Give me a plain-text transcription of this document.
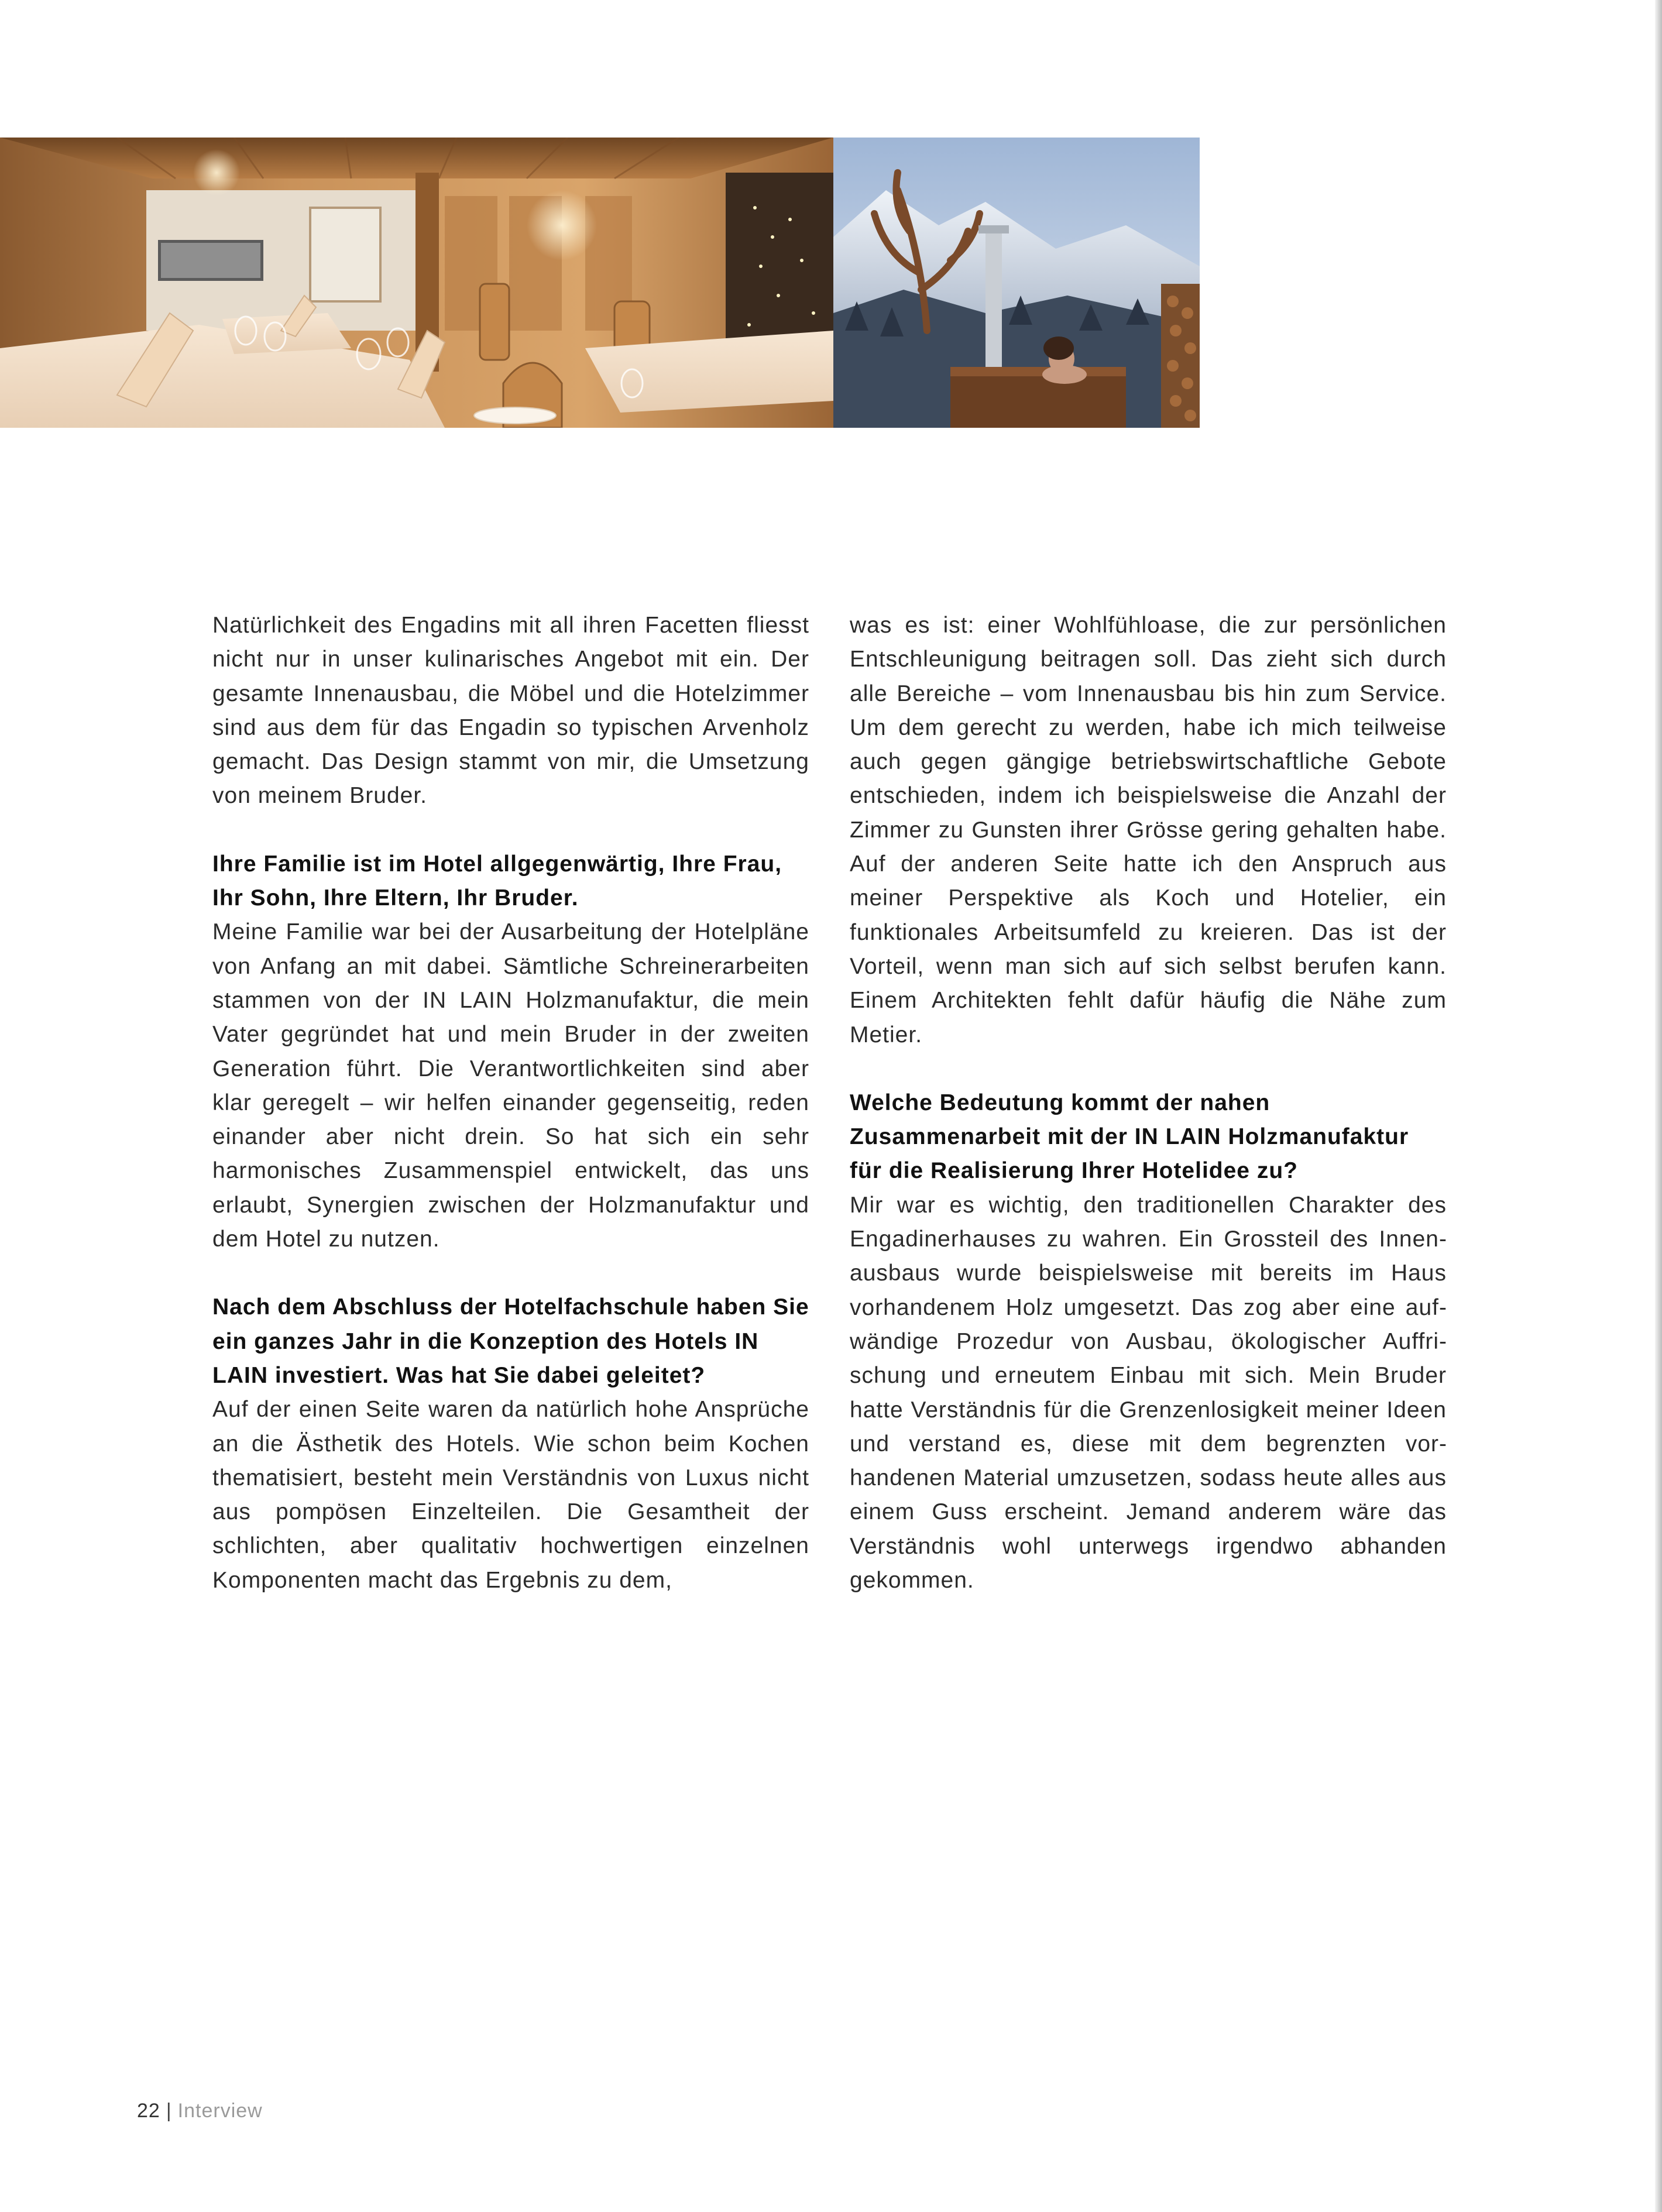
Natürlichkeit des Engadins mit all ihren Facetten fliesst nicht nur in unser kulinarisches Angebot mit ein. Der gesamte Innenausbau, die Möbel und die Hotelzimmer sind aus dem für das Engadin so typischen Arvenholz gemacht. Das Design stammt von mir, die Umsetzung von meinem Bruder.

Ihre Familie ist im Hotel allgegenwärtig, Ihre Frau, Ihr Sohn, Ihre Eltern, Ihr Bruder.

Meine Familie war bei der Ausarbeitung der Hotelpläne von Anfang an mit dabei. Sämtliche Schreinerarbeiten stammen von der IN LAIN Holzmanufaktur, die mein Vater gegründet hat und mein Bruder in der zweiten Generation führt. Die Verantwortlichkeiten sind aber klar geregelt – wir helfen einander gegenseitig, reden einander aber nicht drein. So hat sich ein sehr harmonisches Zusammenspiel entwickelt, das uns erlaubt, Synergien zwischen der Holzmanufaktur und dem Hotel zu nutzen.

Nach dem Abschluss der Hotelfachschule haben Sie ein ganzes Jahr in die Konzeption des Hotels IN LAIN investiert. Was hat Sie dabei geleitet?

Auf der einen Seite waren da natürlich hohe Ansprüche an die Ästhetik des Hotels. Wie schon beim Kochen thematisiert, besteht mein Verständnis von Luxus nicht aus pompösen Einzelteilen. Die Gesamtheit der schlichten, aber qualitativ hochwertigen einzelnen Komponenten macht das Ergebnis zu dem,

was es ist: einer Wohlfühloase, die zur persönlichen Entschleunigung beitragen soll. Das zieht sich durch alle Bereiche – vom Innenausbau bis hin zum Service. Um dem gerecht zu werden, habe ich mich teilweise auch gegen gängige betriebswirtschaftliche Gebote entschieden, indem ich beispielsweise die Anzahl der Zimmer zu Gunsten ihrer Grösse gering gehalten habe. Auf der anderen Seite hatte ich den Anspruch aus meiner Perspektive als Koch und Hotelier, ein funktionales Arbeitsumfeld zu kreieren. Das ist der Vorteil, wenn man sich auf sich selbst berufen kann. Einem Architekten fehlt dafür häufig die Nähe zum Metier.

Welche Bedeutung kommt der nahen Zusammenarbeit mit der IN LAIN Holzmanufaktur für die Realisierung Ihrer Hotelidee zu?

Mir war es wichtig, den traditionellen Charakter des Engadinerhauses zu wahren. Ein Grossteil des Innenausbaus wurde beispielsweise mit bereits im Haus vorhandenem Holz umgesetzt. Das zog aber eine aufwändige Prozedur von Ausbau, ökologischer Auffrischung und erneutem Einbau mit sich. Mein Bruder hatte Verständnis für die Grenzenlosigkeit meiner Ideen und verstand es, diese mit dem begrenzten vorhandenen Material umzusetzen, sodass heute alles aus einem Guss erscheint. Jemand anderem wäre das Verständnis wohl unterwegs irgendwo abhanden gekommen.

22 | Interview
